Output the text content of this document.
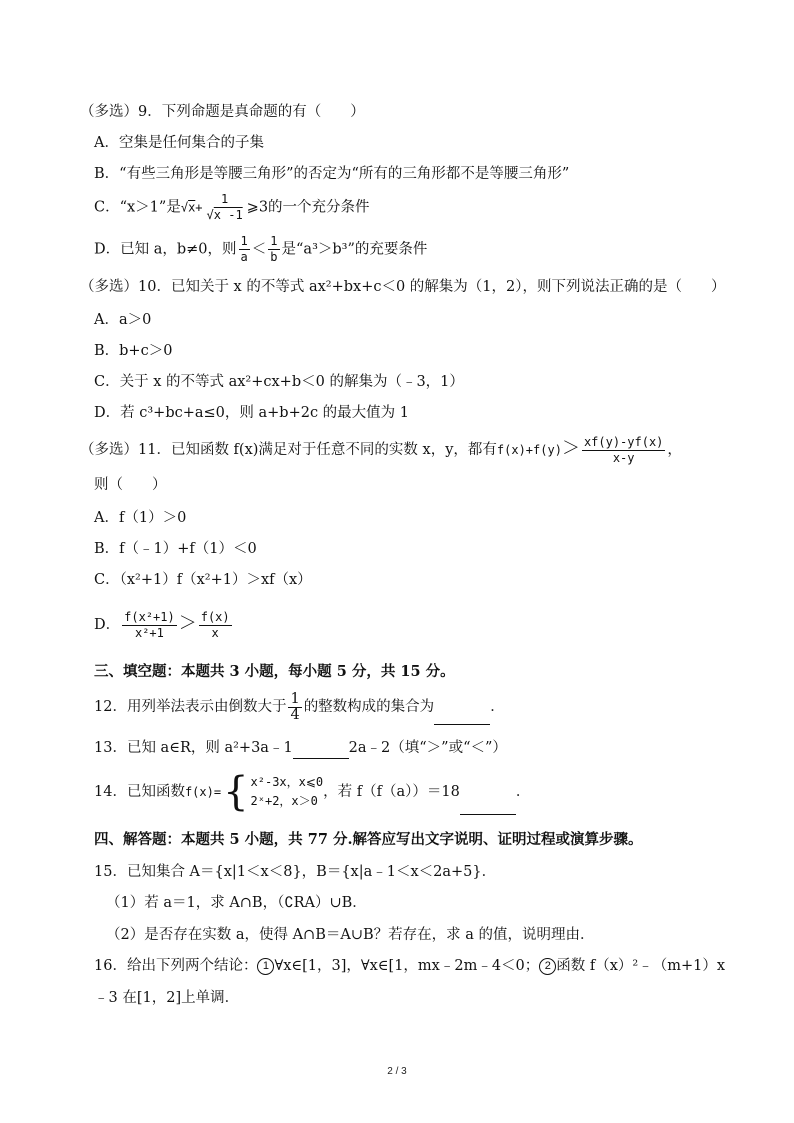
（多选）9．下列命题是真命题的有（　　）
A．空集是任何集合的子集
B．“有些三角形是等腰三角形”的否定为“所有的三角形都不是等腰三角形”
C．“x＞1”是$√x+ \frac{1}{√x -1}$ ⩾3的一个充分条件
D．已知 a，b≠0，则 $\frac{1}{a} < \frac{1}{b}$ 是“a³＞b³”的充要条件
（多选）10．已知关于 x 的不等式 ax²+bx+c＜0 的解集为（1，2），则下列说法正确的是（　　）
A．a＞0
B．b+c＞0
C．关于 x 的不等式 ax²+cx+b＜0 的解集为（﹣3，1）
D．若 c³+bc+a≤0，则 a+b+2c 的最大值为 1
（多选）11．已知函数 f(x)满足对于任意不同的实数 x，y，都有$f(x)+f(y)> \frac{xf(y)-yf(x)}{x-y}$ ，
则（　　）
A．f（1）＞0
B．f（﹣1）+f（1）＜0
C．（x²+1）f（x²+1）＞xf（x）
D． $\frac{\text{f(x²+1)}}{\text{x²+1}} > \frac{f(x)}{x}$
三、填空题：本题共 3 小题，每小题 5 分，共 15 分。
12．用列举法表示由倒数大于 $\frac{1}{4}$ 的整数构成的集合为	．
13．已知 a∈R，则 a²+3a﹣1	2a﹣2（填“＞”或“＜”）
14．已知函数f(x)={ x²-3x，x⩽0
2ˣ+2，x＞0
，若 f（f（a））＝18	．
四、解答题：本题共 5 小题，共 77 分.解答应写出文字说明、证明过程或演算步骤。
15．已知集合 A＝{x|1＜x＜8}，B＝{x|a﹣1＜x＜2a+5}．
（1）若 a＝1，求 A∩B，（∁RA）∪B．
（2）是否存在实数 a，使得 A∩B＝A∪B？若存在，求 a 的值，说明理由．
16．给出下列两个结论： 1 ∀x∈[1，3]，∀x∈[1，mx﹣2m﹣4＜0； 2 函数 f（x）²﹣（m+1）x
﹣3 在[1，2]上单调．
2 / 3
